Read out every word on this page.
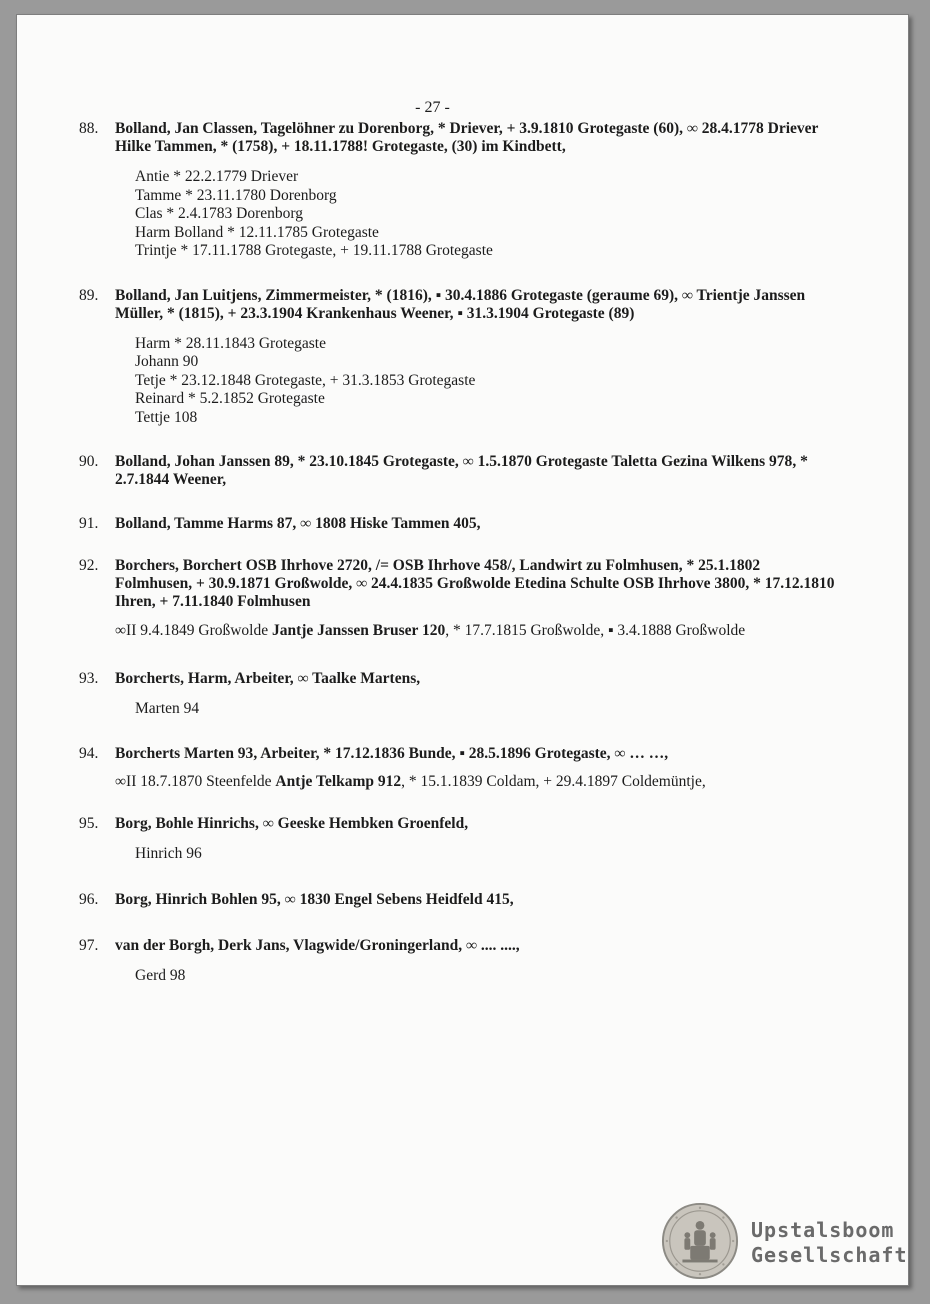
- 27 -
88. Bolland, Jan Classen, Tagelöhner zu Dorenborg, * Driever, + 3.9.1810 Grotegaste (60), ∞ 28.4.1778 Driever Hilke Tammen, * (1758), + 18.11.1788! Grotegaste, (30) im Kindbett,

Antie * 22.2.1779 Driever
Tamme * 23.11.1780 Dorenborg
Clas * 2.4.1783 Dorenborg
Harm Bolland * 12.11.1785 Grotegaste
Trintje * 17.11.1788 Grotegaste, + 19.11.1788 Grotegaste
89. Bolland, Jan Luitjens, Zimmermeister, * (1816), ▪ 30.4.1886 Grotegaste (geraume 69), ∞ Trientje Janssen Müller, * (1815), + 23.3.1904 Krankenhaus Weener, ▪ 31.3.1904 Grotegaste (89)

Harm * 28.11.1843 Grotegaste
Johann 90
Tetje * 23.12.1848 Grotegaste, + 31.3.1853 Grotegaste
Reinard * 5.2.1852 Grotegaste
Tettje 108
90. Bolland, Johan Janssen 89, * 23.10.1845 Grotegaste, ∞ 1.5.1870 Grotegaste Taletta Gezina Wilkens 978, * 2.7.1844 Weener,

91. Bolland, Tamme Harms 87, ∞ 1808 Hiske Tammen 405,

92. Borchers, Borchert OSB Ihrhove 2720, /= OSB Ihrhove 458/, Landwirt zu Folmhusen, * 25.1.1802 Folmhusen, + 30.9.1871 Großwolde, ∞ 24.4.1835 Großwolde Etedina Schulte OSB Ihrhove 3800, * 17.12.1810 Ihren, + 7.11.1840 Folmhusen

∞II 9.4.1849 Großwolde Jantje Janssen Bruser 120, * 17.7.1815 Großwolde, ▪ 3.4.1888 Großwolde

93. Borcherts, Harm, Arbeiter, ∞ Taalke Martens,

Marten 94
94. Borcherts Marten 93, Arbeiter, * 17.12.1836 Bunde, ▪ 28.5.1896 Grotegaste, ∞ … …,

∞II 18.7.1870 Steenfelde Antje Telkamp 912, * 15.1.1839 Coldam, + 29.4.1897 Coldemüntje,

95. Borg, Bohle Hinrichs, ∞ Geeske Hembken Groenfeld,

Hinrich 96
96. Borg, Hinrich Bohlen 95, ∞ 1830 Engel Sebens Heidfeld 415,

97. van der Borgh, Derk Jans, Vlagwide/Groningerland, ∞ .... ....,

Gerd 98
Upstalsboom
Gesellschaft
